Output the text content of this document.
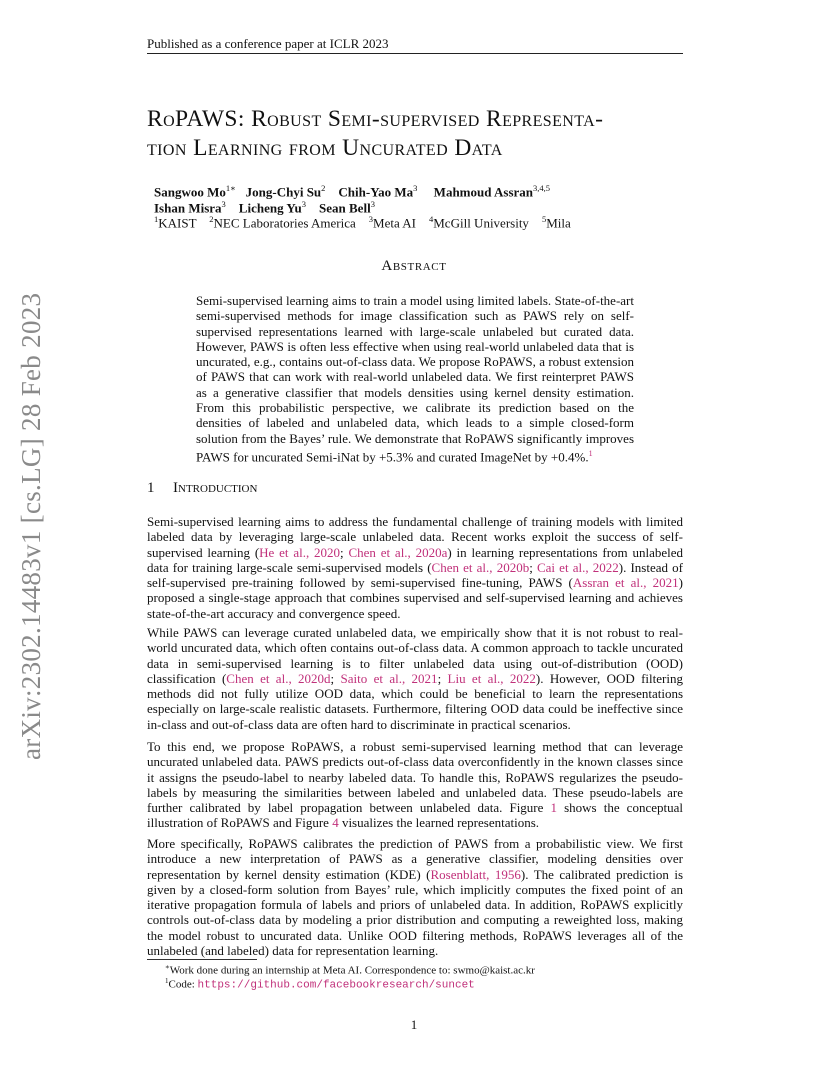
Published as a conference paper at ICLR 2023
arXiv:2302.14483v1 [cs.LG] 28 Feb 2023
RoPAWS: Robust Semi-supervised Representa-
tion Learning from Uncurated Data
Sangwoo $Mo^{1∗}$ Jong-Chyi Su$^2$ Chih-Yao Ma$^3$ Mahmoud Assran$^{3,4,5}$
Ishan Misra$^3$ Licheng Yu$^3$ Sean Bell$^3$
$^1$KAIST $^2$NEC Laboratories America $^3$Meta AI $^4$McGill University $^5$Mila
Abstract
Semi-supervised learning aims to train a model using limited labels. State-of-the-art semi-supervised methods for image classification such as PAWS rely on self-supervised representations learned with large-scale unlabeled but curated data. However, PAWS is often less effective when using real-world unlabeled data that is uncurated, e.g., contains out-of-class data. We propose RoPAWS, a robust extension of PAWS that can work with real-world unlabeled data. We first reinterpret PAWS as a generative classifier that models densities using kernel density estimation. From this probabilistic perspective, we calibrate its prediction based on the densities of labeled and unlabeled data, which leads to a simple closed-form solution from the Bayes’ rule. We demonstrate that RoPAWS significantly improves PAWS for uncurated Semi-iNat by +5.3% and curated ImageNet by +0.4%.$^1$
1 Introduction
Semi-supervised learning aims to address the fundamental challenge of training models with limited labeled data by leveraging large-scale unlabeled data. Recent works exploit the success of self-supervised learning (He et al., 2020; Chen et al., 2020a) in learning representations from unlabeled data for training large-scale semi-supervised models (Chen et al., 2020b; Cai et al., 2022). Instead of self-supervised pre-training followed by semi-supervised fine-tuning, PAWS (Assran et al., 2021) proposed a single-stage approach that combines supervised and self-supervised learning and achieves state-of-the-art accuracy and convergence speed.
While PAWS can leverage curated unlabeled data, we empirically show that it is not robust to real-world uncurated data, which often contains out-of-class data. A common approach to tackle uncurated data in semi-supervised learning is to filter unlabeled data using out-of-distribution (OOD) classification (Chen et al., 2020d; Saito et al., 2021; Liu et al., 2022). However, OOD filtering methods did not fully utilize OOD data, which could be beneficial to learn the representations especially on large-scale realistic datasets. Furthermore, filtering OOD data could be ineffective since in-class and out-of-class data are often hard to discriminate in practical scenarios.
To this end, we propose RoPAWS, a robust semi-supervised learning method that can leverage uncurated unlabeled data. PAWS predicts out-of-class data overconfidently in the known classes since it assigns the pseudo-label to nearby labeled data. To handle this, RoPAWS regularizes the pseudo-labels by measuring the similarities between labeled and unlabeled data. These pseudo-labels are further calibrated by label propagation between unlabeled data. Figure 1 shows the conceptual illustration of RoPAWS and Figure 4 visualizes the learned representations.
More specifically, RoPAWS calibrates the prediction of PAWS from a probabilistic view. We first introduce a new interpretation of PAWS as a generative classifier, modeling densities over representation by kernel density estimation (KDE) (Rosenblatt, 1956). The calibrated prediction is given by a closed-form solution from Bayes’ rule, which implicitly computes the fixed point of an iterative propagation formula of labels and priors of unlabeled data. In addition, RoPAWS explicitly controls out-of-class data by modeling a prior distribution and computing a reweighted loss, making the model robust to uncurated data. Unlike OOD filtering methods, RoPAWS leverages all of the unlabeled (and labeled) data for representation learning.
∗Work done during an internship at Meta AI. Correspondence to: swmo@kaist.ac.kr
$^1$Code: https://github.com/facebookresearch/suncet
1
